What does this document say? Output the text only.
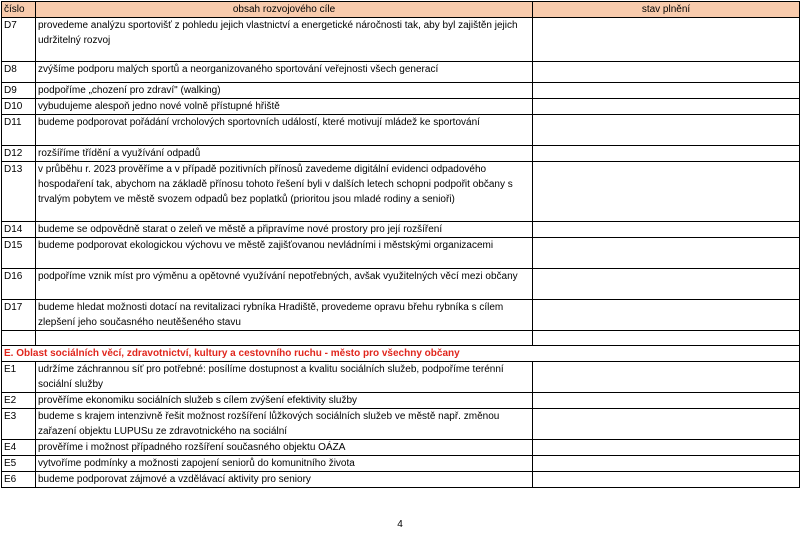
číslo	obsah rozvojového cíle	stav plnění
D7	provedeme analýzu sportovišť z pohledu jejich vlastnictví a energetické náročnosti tak, aby byl zajištěn jejich
udržitelný rozvoj	
D8	zvýšíme podporu malých sportů a neorganizovaného sportování veřejnosti všech generací	
D9	podpoříme „chození pro zdraví" (walking)	
D10	vybudujeme alespoň jedno nové volně přístupné hřiště	
D11	budeme podporovat pořádání vrcholových sportovních událostí, které motivují mládež ke sportování	
D12	rozšíříme třídění a využívání odpadů	
D13	v průběhu r. 2023 prověříme a v případě pozitivních přínosů zavedeme digitální evidenci odpadového hospodaření tak, abychom na základě přínosu tohoto řešení byli v dalších letech schopni podpořit občany s trvalým pobytem ve městě svozem odpadů bez poplatků (prioritou jsou mladé rodiny a senioři)	
D14	budeme se odpovědně starat o zeleň ve městě a připravíme nové prostory pro její rozšíření	
D15	budeme podporovat ekologickou výchovu ve městě zajišťovanou nevládními i městskými organizacemi	
D16	podpoříme vznik míst pro výměnu a opětovné využívání nepotřebných, avšak využitelných věcí mezi občany	
D17	budeme hledat možnosti dotací na revitalizaci rybníka Hradiště, provedeme opravu břehu rybníka s cílem zlepšení jeho současného neutěšeného stavu	

E. Oblast sociálních věcí, zdravotnictví, kultury a cestovního ruchu - město pro všechny občany		
E1	udržíme záchrannou síť pro potřebné: posílíme dostupnost a kvalitu sociálních služeb, podpoříme terénní sociální služby	
E2	prověříme ekonomiku sociálních služeb s cílem zvýšení efektivity služby	
E3	budeme s krajem intenzivně řešit možnost rozšíření lůžkových sociálních služeb ve městě např. změnou zařazení objektu LUPUSu ze zdravotnického na sociální	
E4	prověříme i možnost případného rozšíření současného objektu OÁZA	
E5	vytvoříme podmínky a možnosti zapojení seniorů do komunitního života	
E6	budeme podporovat zájmové a vzdělávací aktivity pro seniory	
4
